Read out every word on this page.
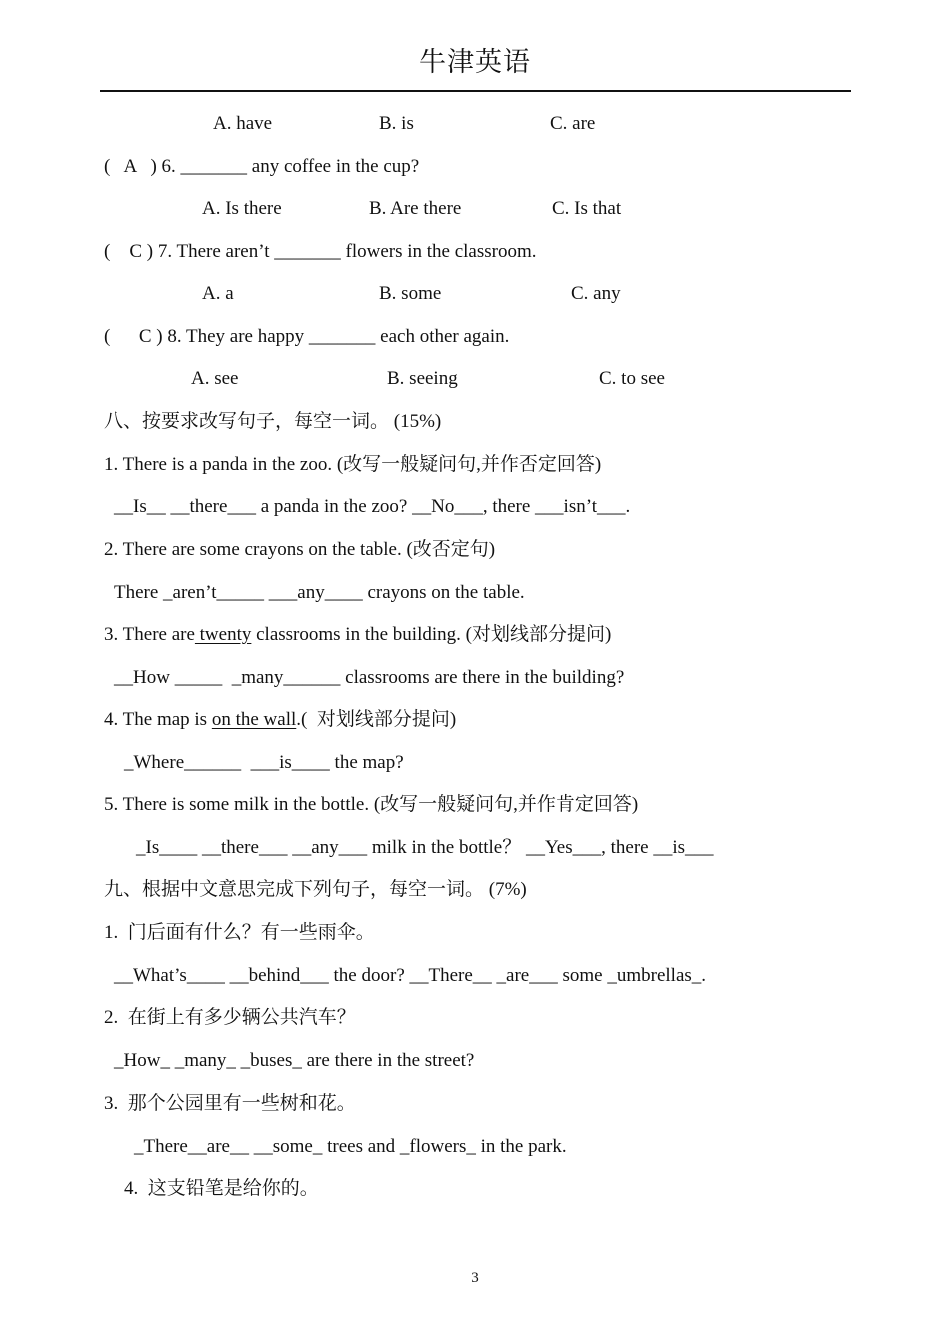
牛津英语
A. have	B. is	C. are
(   A   ) 6. _______ any coffee in the cup?
A. Is there	B. Are there	C. Is that
(    C ) 7. There aren’t _______ flowers in the classroom.
A. a	B. some	C. any
(      C ) 8. They are happy _______ each other again.
A. see	B. seeing	C. to see
八、按要求改写句子，每空一词。 (15%)
1. There is a panda in the zoo. (改写一般疑问句,并作否定回答)
__Is__ __there___ a panda in the zoo? __No___, there ___isn’t___.
2. There are some crayons on the table. (改否定句)
There _aren’t_____ ___any____ crayons on the table.
3. There are twenty classrooms in the building. (对划线部分提问)
__How _____  _many______ classrooms are there in the building?
4. The map is on the wall.(  对划线部分提问)
_Where______  ___is____ the map?
5. There is some milk in the bottle. (改写一般疑问句,并作肯定回答)
_Is____ __there___ __any___ milk in the bottle？ __Yes___, there __is___
九、根据中文意思完成下列句子，每空一词。 (7%)
1.  门后面有什么？有一些雨伞。
__What’s____ __behind___ the door? __There__ _are___ some _umbrellas_.
2.  在街上有多少辆公共汽车？
_How_ _many_ _buses_ are there in the street?
3.  那个公园里有一些树和花。
_There__are__ __some_ trees and _flowers_ in the park.
4.  这支铅笔是给你的。
3
